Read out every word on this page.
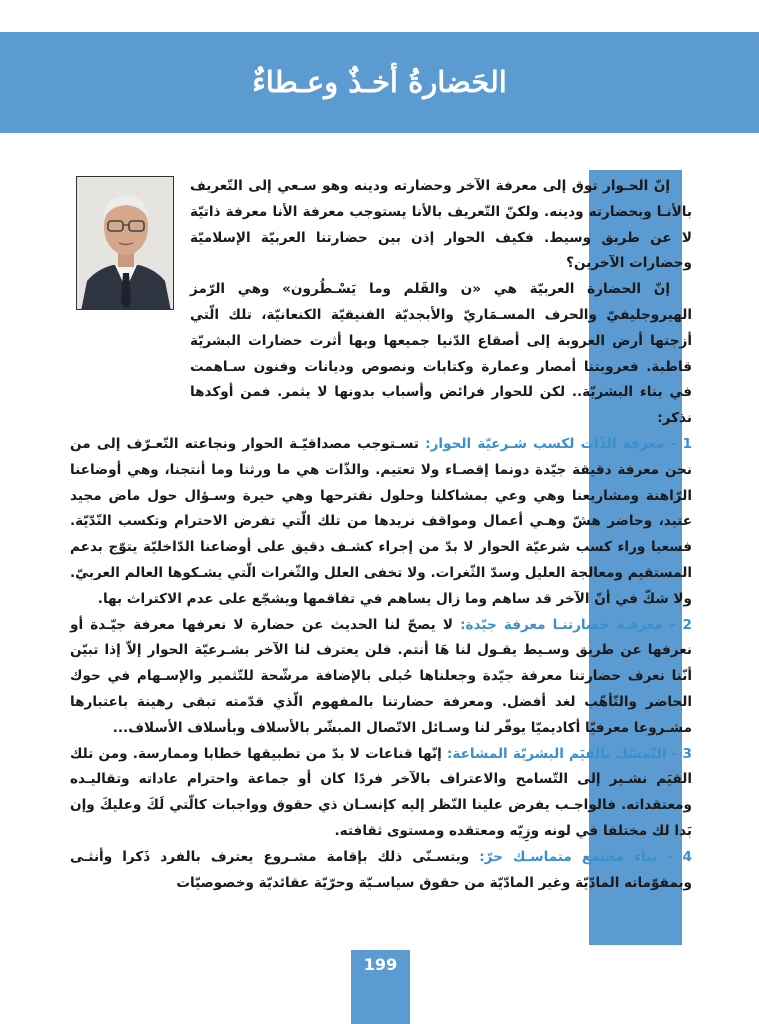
الحَضارةُ أخـذٌ وعـطاءٌ

إنّ الحـوار توق إلى معرفة الآخر وحضارته ودينه وهو سـعي إلى التّعريف بالأنـا وبحضارته ودينه. ولكنّ التّعريف بالأنا يستوجب معرفة الأنا معرفة ذاتيّة لا عن طريق وسيط. فكيف الحوار إذن بين حضارتنا العربيّة الإسلاميّة وحضارات الآخرين؟

إنّ الحضارة العربيّة هي «ن والقَلم وما يَسْـطُرون» وهي الرّمز الهيروجليفيّ والحرف المسـمَاريّ والأبجديّة الفنيقيّة الكنعانيّة، تلك الّتي أزجتها أرض العروبة إلى أصقاع الدّنيا جميعها وبها أثرت حضارات البشريّة قاطبة. فعروبتنا أمصار وعمارة وكتابات ونصوص وديانات وفنون سـاهمت في بناء البشريّة.. لكن للحوار فرائض وأسباب بدونها لا يثمر. فمن أوكدها نذكر:

1 - معرفة الذّات لكسب شـرعيّة الحوار: تسـتوجب مصداقيّـة الحوار ونجاعته التّعـرّف إلى من نحن معرفة دقيقة جيّدة دونما إقصـاء ولا تعتيم. والذّات هي ما ورثنا وما أنتجنا، وهي أوضاعنا الرّاهنة ومشاريعنا وهي وعي بمشاكلنا وحلول نقترحها وهي حيرة وسـؤال حول ماض مجيد عتيد، وحاضر هشّ وهـي أعمال ومواقف نريدها من تلك الّتي تفرض الاحترام وتكسب النّدّيّة. فسعيا وراء كسب شرعيّة الحوار لا بدّ من إجراء كشـف دقيق على أوضاعنا الدّاخليّة يتوّج بدعم المستقيم ومعالجة العليل وسدّ الثّغرات. ولا تخفى العلل والثّغرات الّتي يشـكوها العالم العربيّ. ولا شكّ في أنّ الآخر قد ساهم وما زال يساهم في تفاقمها ويشجّع على عدم الاكتراث بها.

2 - معرفـة حضارتنـا معرفة جيّدة: لا يصحّ لنا الحديث عن حضارة لا نعرفها معرفة جيّـدة أو نعرفها عن طريق وسـيط يقـول لنا هَا أنتم. فلن يعترف لنا الآخر بشـرعيّة الحوار إلاّ إذا تبيّن أنّنا نعرف حضارتنا معرفة جيّدة وجعلناها حُبلى بالإضافة مرشّحة للتّثمير والإسـهام في حوك الحاضر والتّأهّب لغد أفضل. ومعرفة حضارتنا بالمفهوم الّذي قدّمته تبقى رهينة باعتبارها مشـروعا معرفيّا أكاديميّا يوفّر لنا وسـائل الاتّصال المبشّر بالأسلاف وبأسلاف الأسلاف...

3 - التّمسّك بالقيَم البشريّة المشاعة: إنّها قناعات لا بدّ من تطبيقها خطابا وممارسة. ومن تلك القيَم نشـير إلى التّسامح والاعتراف بالآخر فردًا كان أو جماعة واحترام عاداته وتقاليـده ومعتقداته. فالواجـب يفرض علينا النّظر إليه كإنسـان ذي حقوق وواجبات كالّتي لَكَ وعليكَ وإن بَدا لك مختلفا في لونه وزِيّه ومعتقده ومستوى ثقافته.

4 - بناء مجتمع متماسـك حرّ: ويتسـنّى ذلك بإقامة مشـروع يعترف بالفرد ذَكرا وأنثـى وبمقوّماته المادّيّة وغير المادّيّة من حقوق سياسـيّة وحرّيّة عقائديّة وخصوصيّات

199
